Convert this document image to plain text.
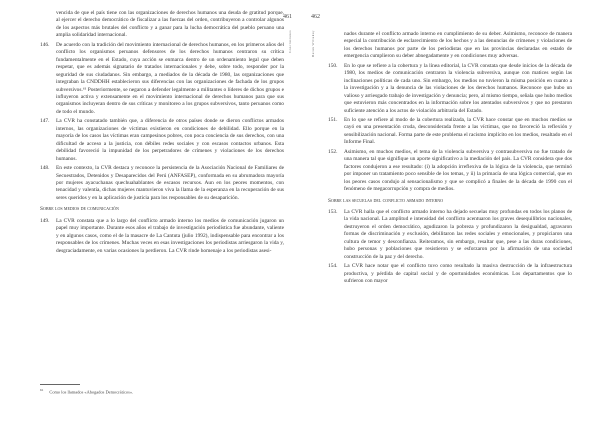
vencida de que el país tiene con las organizaciones de derechos humanos una deuda de gratitud porque, al ejercer el derecho democrático de fiscalizar a las fuerzas del orden, contribuyeron a controlar algunos de los aspectos más brutales del conflicto y a ganar para la lucha democrática del pueblo peruano una amplia solidaridad internacional.

146. De acuerdo con la tradición del movimiento internacional de derechos humanos, en los primeros años del conflicto los organismos peruanos defensores de los derechos humanos centraron su crítica fundamentalmente en el Estado, cuya acción se enmarca dentro de un ordenamiento legal que deben respetar, que es además signatario de tratados internacionales y debe, sobre todo, responder por la seguridad de sus ciudadanos. Sin embargo, a mediados de la década de 1980, las organizaciones que integraban la CNDDHH establecieron sus diferencias con las organizaciones de fachada de los grupos subversivos.⁶¹ Posteriormente, se negaron a defender legalmente a militantes o líderes de dichos grupos e influyeron activa y extensamente en el movimiento internacional de derechos humanos para que sus organismos incluyeran dentro de sus críticas y monitoreo a los grupos subversivos, tanto peruanos como de todo el mundo.
147. La CVR ha constatado también que, a diferencia de otros países donde se dieron conflictos armados internos, las organizaciones de víctimas existieron en condiciones de debilidad. Ello porque en la mayoría de los casos las víctimas eran campesinos pobres, con poca conciencia de sus derechos, con una dificultad de acceso a la justicia, con débiles redes sociales y con escasos contactos urbanos. Esta debilidad favoreció la impunidad de los perpetradores de crímenes y violaciones de los derechos humanos.
148. En este contexto, la CVR destaca y reconoce la persistencia de la Asociación Nacional de Familiares de Secuestrados, Detenidos y Desaparecidos del Perú (ANFASEP), conformada en su abrumadora mayoría por mujeres ayacuchanas quechuahablantes de escasos recursos. Aun en los peores momentos, con tenacidad y valentía, dichas mujeres mantuvieron viva la llama de la esperanza en la recuperación de sus seres queridos y en la aplicación de justicia para los responsables de su desaparición.
Sobre los medios de comunicación
149. La CVR constata que a lo largo del conflicto armado interno los medios de comunicación jugaron un papel muy importante. Durante esos años el trabajo de investigación periodística fue abundante, valiente y en algunos casos, como el de la masacre de La Cantuta (julio 1992), indispensable para encontrar a los responsables de los crímenes. Muchas veces en esas investigaciones los periodistas arriesgaron la vida y, desgraciadamente, en varias ocasiones la perdieron. La CVR rinde homenaje a los periodistas asesi-
$^{61}$ Como los llamados «Abogados Democráticos».
461
Conclusiones
462
Hatun Willakuy	nados durante el conflicto armado interno en cumplimiento de su deber. Asimismo, reconoce de manera especial la contribución de esclarecimiento de los hechos y a las denuncias de crímenes y violaciones de los derechos humanos por parte de los periodistas que en las provincias declaradas en estado de emergencia cumplieron su deber abnegadamente y en condiciones muy adversas.

150. En lo que se refiere a la cobertura y la línea editorial, la CVR constata que desde inicios de la década de 1980, los medios de comunicación centraron la violencia subversiva, aunque con matices según las inclinaciones políticas de cada uno. Sin embargo, los medios no tuvieron la misma posición en cuanto a la investigación y a la denuncia de las violaciones de los derechos humanos. Reconoce que hubo un valioso y arriesgado trabajo de investigación y denuncia; pero, al mismo tiempo, señala que hubo medios que estuvieron más concentrados en la información sobre los atentados subversivos y que no prestaron suficiente atención a los actos de violación arbitraria del Estado.
151. En lo que se refiere al modo de la cobertura realizada, la CVR hace constar que en muchos medios se cayó en una presentación cruda, desconsiderada frente a las víctimas, que no favoreció la reflexión y sensibilización nacional. Forma parte de este problema el racismo implícito en los medios, resaltado en el Informe Final.
152. Asimismo, en muchos medios, el tema de la violencia subversiva y contrasubversiva no fue tratado de una manera tal que signifique un aporte significativo a la mediación del país. La CVR considera que dos factores condujeron a ese resultado: (i) la adopción irreflexiva de la lógica de la violencia, que terminó por imponer un tratamiento poco sensible de los temas, y ii) la primacía de una lógica comercial, que en los peores casos condujo al sensacionalismo y que se complicó a finales de la década de 1990 con el fenómeno de megacorrupción y compra de medios.
Sobre las secuelas del conflicto armado interno
153. La CVR halla que el conflicto armado interno ha dejado secuelas muy profundas en todos los planos de la vida nacional. La amplitud e intensidad del conflicto acentuaron los graves desequilibrios nacionales, destruyeron el orden democrático, agudizaron la pobreza y profundizaron la desigualdad, agravaron formas de discriminación y exclusión, debilitaron las redes sociales y emocionales, y propiciaron una cultura de temor y desconfianza. Reiteramos, sin embargo, resaltar que, pese a las duras condiciones, hubo personas y poblaciones que resistieron y se esforzaron por la afirmación de una sociedad construcción de la paz y del derecho.
154. La CVR hace notar que el conflicto tuvo como resultado la masiva destrucción de la infraestructura productiva, y pérdida de capital social y de oportunidades económicas. Los departamentos que lo sufrieron con mayor
